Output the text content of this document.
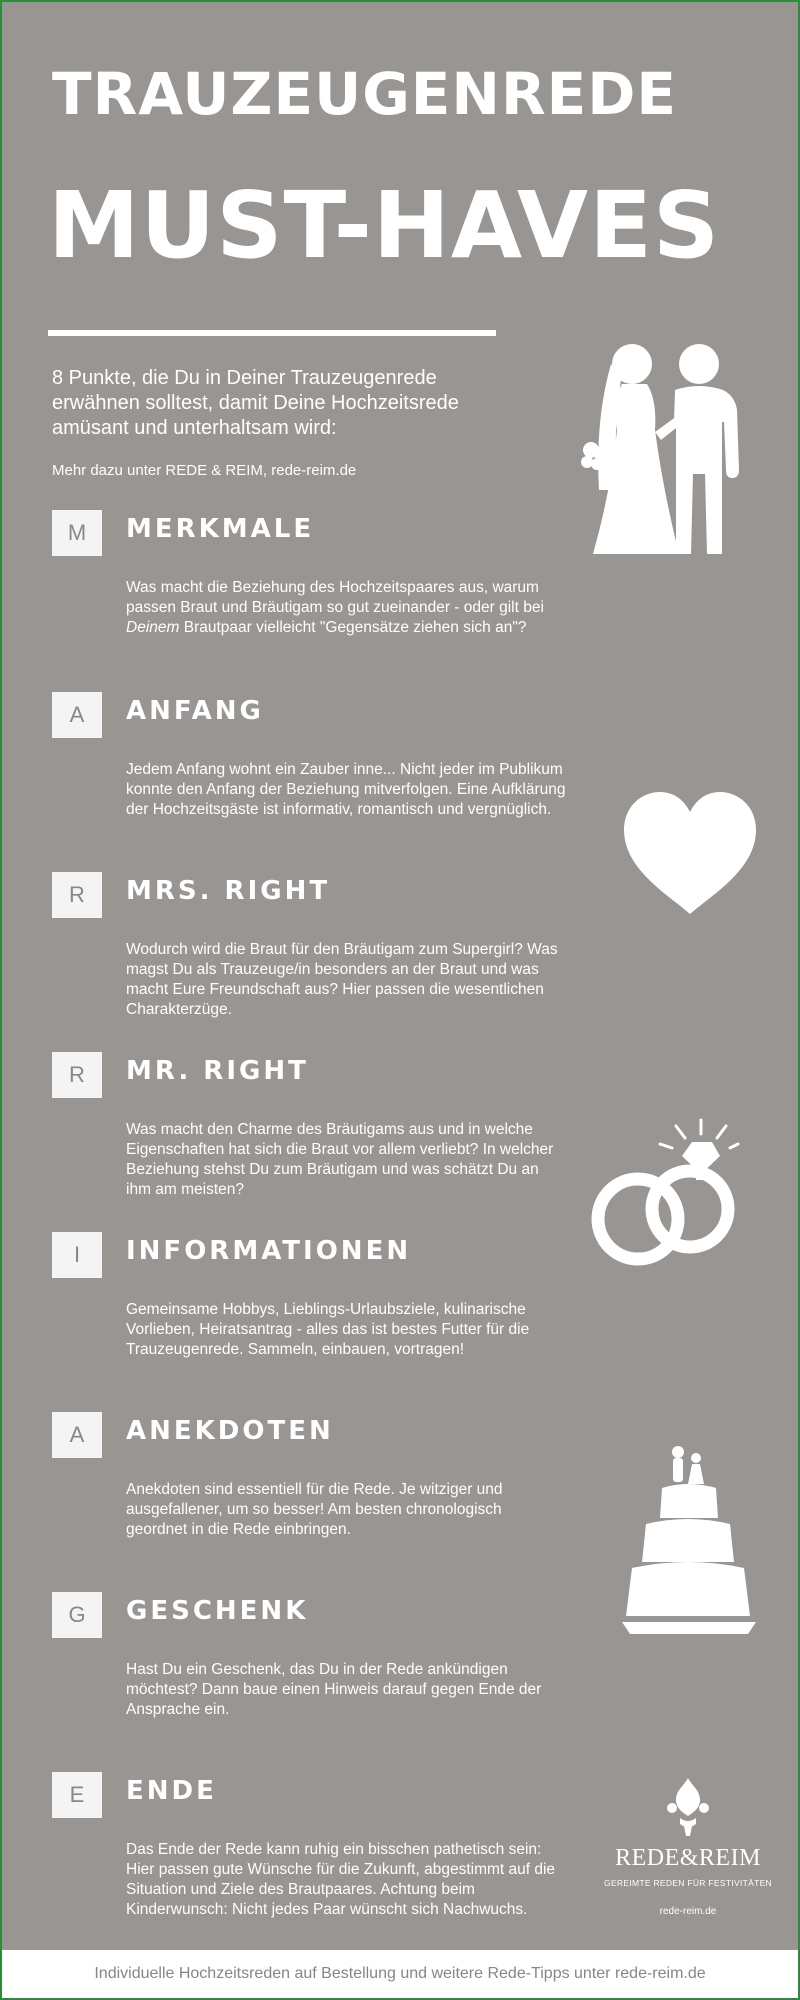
TRAUZEUGENREDE
MUST-HAVES
8 Punkte, die Du in Deiner Trauzeugenrede erwähnen solltest, damit Deine Hochzeitsrede amüsant und unterhaltsam wird:
Mehr dazu unter REDE & REIM, rede-reim.de
M	MERKMALE
Was macht die Beziehung des Hochzeitspaares aus, warum passen Braut und Bräutigam so gut zueinander - oder gilt bei Deinem Brautpaar vielleicht "Gegensätze ziehen sich an"?
A	ANFANG
Jedem Anfang wohnt ein Zauber inne... Nicht jeder im Publikum konnte den Anfang der Beziehung mitverfolgen. Eine Aufklärung der Hochzeitsgäste ist informativ, romantisch und vergnüglich.
R	MRS. RIGHT
Wodurch wird die Braut für den Bräutigam zum Supergirl? Was magst Du als Trauzeuge/in besonders an der Braut und was macht Eure Freundschaft aus? Hier passen die wesentlichen Charakterzüge.
R	MR. RIGHT
Was macht den Charme des Bräutigams aus und in welche Eigenschaften hat sich die Braut vor allem verliebt? In welcher Beziehung stehst Du zum Bräutigam und was schätzt Du an ihm am meisten?
I	INFORMATIONEN
Gemeinsame Hobbys, Lieblings-Urlaubsziele, kulinarische Vorlieben, Heiratsantrag - alles das ist bestes Futter für die Trauzeugenrede. Sammeln, einbauen, vortragen!
A	ANEKDOTEN
Anekdoten sind essentiell für die Rede. Je witziger und ausgefallener, um so besser! Am besten chronologisch geordnet in die Rede einbringen.
G	GESCHENK
Hast Du ein Geschenk, das Du in der Rede ankündigen möchtest? Dann baue einen Hinweis darauf gegen Ende der Ansprache ein.
E	ENDE
Das Ende der Rede kann ruhig ein bisschen pathetisch sein: Hier passen gute Wünsche für die Zukunft, abgestimmt auf die Situation und Ziele des Brautpaares. Achtung beim Kinderwunsch: Nicht jedes Paar wünscht sich Nachwuchs.
REDE&REIM
GEREIMTE REDEN FÜR FESTIVITÄTEN
rede-reim.de
Individuelle Hochzeitsreden auf Bestellung und weitere Rede-Tipps unter rede-reim.de
